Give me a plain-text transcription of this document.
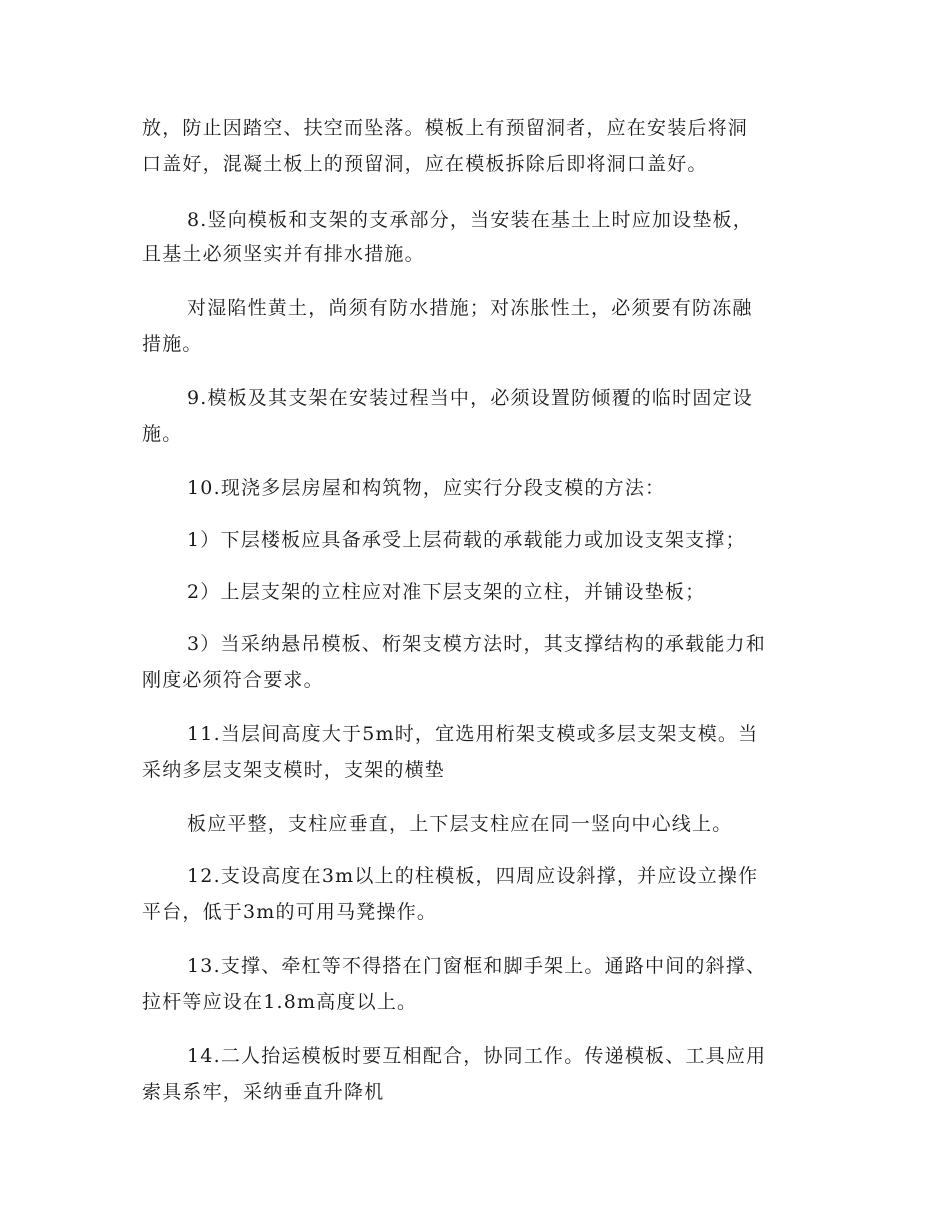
放，防止因踏空、扶空而坠落。模板上有预留洞者，应在安装后将洞
口盖好，混凝土板上的预留洞，应在模板拆除后即将洞口盖好。
8.竖向模板和支架的支承部分，当安装在基土上时应加设垫板，
且基土必须坚实并有排水措施。
对湿陷性黄土，尚须有防水措施；对冻胀性土，必须要有防冻融
措施。
9.模板及其支架在安装过程当中，必须设置防倾覆的临时固定设
施。
10.现浇多层房屋和构筑物，应实行分段支模的方法：
1）下层楼板应具备承受上层荷载的承载能力或加设支架支撑；
2）上层支架的立柱应对准下层支架的立柱，并铺设垫板；
3）当采纳悬吊模板、桁架支模方法时，其支撑结构的承载能力和
刚度必须符合要求。
11.当层间高度大于5m时，宜选用桁架支模或多层支架支模。当
采纳多层支架支模时，支架的横垫
板应平整，支柱应垂直，上下层支柱应在同一竖向中心线上。
12.支设高度在3m以上的柱模板，四周应设斜撑，并应设立操作
平台，低于3m的可用马凳操作。
13.支撑、牵杠等不得搭在门窗框和脚手架上。通路中间的斜撑、
拉杆等应设在1.8m高度以上。
14.二人抬运模板时要互相配合，协同工作。传递模板、工具应用
索具系牢，采纳垂直升降机
